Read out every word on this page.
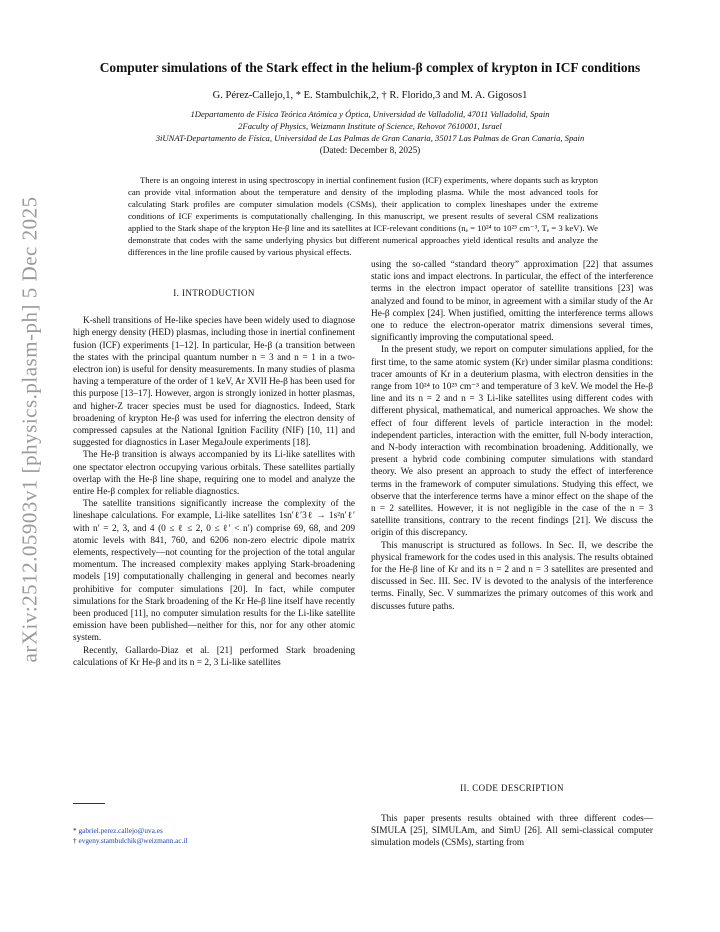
arXiv:2512.05903v1 [physics.plasm-ph] 5 Dec 2025
Computer simulations of the Stark effect in the helium-β complex of krypton in ICF conditions
G. Pérez-Callejo,1, * E. Stambulchik,2, † R. Florido,3 and M. A. Gigosos1
1Departamento de Física Teórica Atómica y Óptica, Universidad de Valladolid, 47011 Valladolid, Spain
2Faculty of Physics, Weizmann Institute of Science, Rehovot 7610001, Israel
3iUNAT-Departamento de Física, Universidad de Las Palmas de Gran Canaria, 35017 Las Palmas de Gran Canaria, Spain
(Dated: December 8, 2025)

There is an ongoing interest in using spectroscopy in inertial confinement fusion (ICF) experiments, where dopants such as krypton can provide vital information about the temperature and density of the imploding plasma. While the most advanced tools for calculating Stark profiles are computer simulation models (CSMs), their application to complex lineshapes under the extreme conditions of ICF experiments is computationally challenging. In this manuscript, we present results of several CSM realizations applied to the Stark shape of the krypton He-β line and its satellites at ICF-relevant conditions (nₑ = 10²⁴ to 10²⁵ cm⁻³, Tₑ = 3 keV). We demonstrate that codes with the same underlying physics but different numerical approaches yield identical results and analyze the differences in the line profile caused by various physical effects.

I. INTRODUCTION

K-shell transitions of He-like species have been widely used to diagnose high energy density (HED) plasmas, including those in inertial confinement fusion (ICF) experiments [1–12]. In particular, He-β (a transition between the states with the principal quantum number n = 3 and n = 1 in a two-electron ion) is useful for density measurements. In many studies of plasma having a temperature of the order of 1 keV, Ar XVII He-β has been used for this purpose [13–17]. However, argon is strongly ionized in hotter plasmas, and higher-Z tracer species must be used for diagnostics. Indeed, Stark broadening of krypton He-β was used for inferring the electron density of compressed capsules at the National Ignition Facility (NIF) [10, 11] and suggested for diagnostics in Laser MegaJoule experiments [18].

The He-β transition is always accompanied by its Li-like satellites with one spectator electron occupying various orbitals. These satellites partially overlap with the He-β line shape, requiring one to model and analyze the entire He-β complex for reliable diagnostics.

The satellite transitions significantly increase the complexity of the lineshape calculations. For example, Li-like satellites 1sn′ℓ′3ℓ → 1s²n′ℓ′ with n′ = 2, 3, and 4 (0 ≤ ℓ ≤ 2, 0 ≤ ℓ′ < n′) comprise 69, 68, and 209 atomic levels with 841, 760, and 6206 non-zero electric dipole matrix elements, respectively—not counting for the projection of the total angular momentum. The increased complexity makes applying Stark-broadening models [19] computationally challenging in general and becomes nearly prohibitive for computer simulations [20]. In fact, while computer simulations for the Stark broadening of the Kr He-β line itself have recently been produced [11], no computer simulation results for the Li-like satellite emission have been published—neither for this, nor for any other atomic system.

Recently, Gallardo-Diaz et al. [21] performed Stark broadening calculations of Kr He-β and its n = 2, 3 Li-like satellites

* gabriel.perez.callejo@uva.es
† evgeny.stambulchik@weizmann.ac.il

using the so-called “standard theory” approximation [22] that assumes static ions and impact electrons. In particular, the effect of the interference terms in the electron impact operator of satellite transitions [23] was analyzed and found to be minor, in agreement with a similar study of the Ar He-β complex [24]. When justified, omitting the interference terms allows one to reduce the electron-operator matrix dimensions several times, significantly improving the computational speed.

In the present study, we report on computer simulations applied, for the first time, to the same atomic system (Kr) under similar plasma conditions: tracer amounts of Kr in a deuterium plasma, with electron densities in the range from 10²⁴ to 10²⁵ cm⁻³ and temperature of 3 keV. We model the He-β line and its n = 2 and n = 3 Li-like satellites using different codes with different physical, mathematical, and numerical approaches. We show the effect of four different levels of particle interaction in the model: independent particles, interaction with the emitter, full N-body interaction, and N-body interaction with recombination broadening. Additionally, we present a hybrid code combining computer simulations with standard theory. We also present an approach to study the effect of interference terms in the framework of computer simulations. Studying this effect, we observe that the interference terms have a minor effect on the shape of the n = 2 satellites. However, it is not negligible in the case of the n = 3 satellite transitions, contrary to the recent findings [21]. We discuss the origin of this discrepancy.

This manuscript is structured as follows. In Sec. II, we describe the physical framework for the codes used in this analysis. The results obtained for the He-β line of Kr and its n = 2 and n = 3 satellites are presented and discussed in Sec. III. Sec. IV is devoted to the analysis of the interference terms. Finally, Sec. V summarizes the primary outcomes of this work and discusses future paths.

II. CODE DESCRIPTION

This paper presents results obtained with three different codes—SIMULA [25], SIMULAm, and SimU [26]. All semi-classical computer simulation models (CSMs), starting from
